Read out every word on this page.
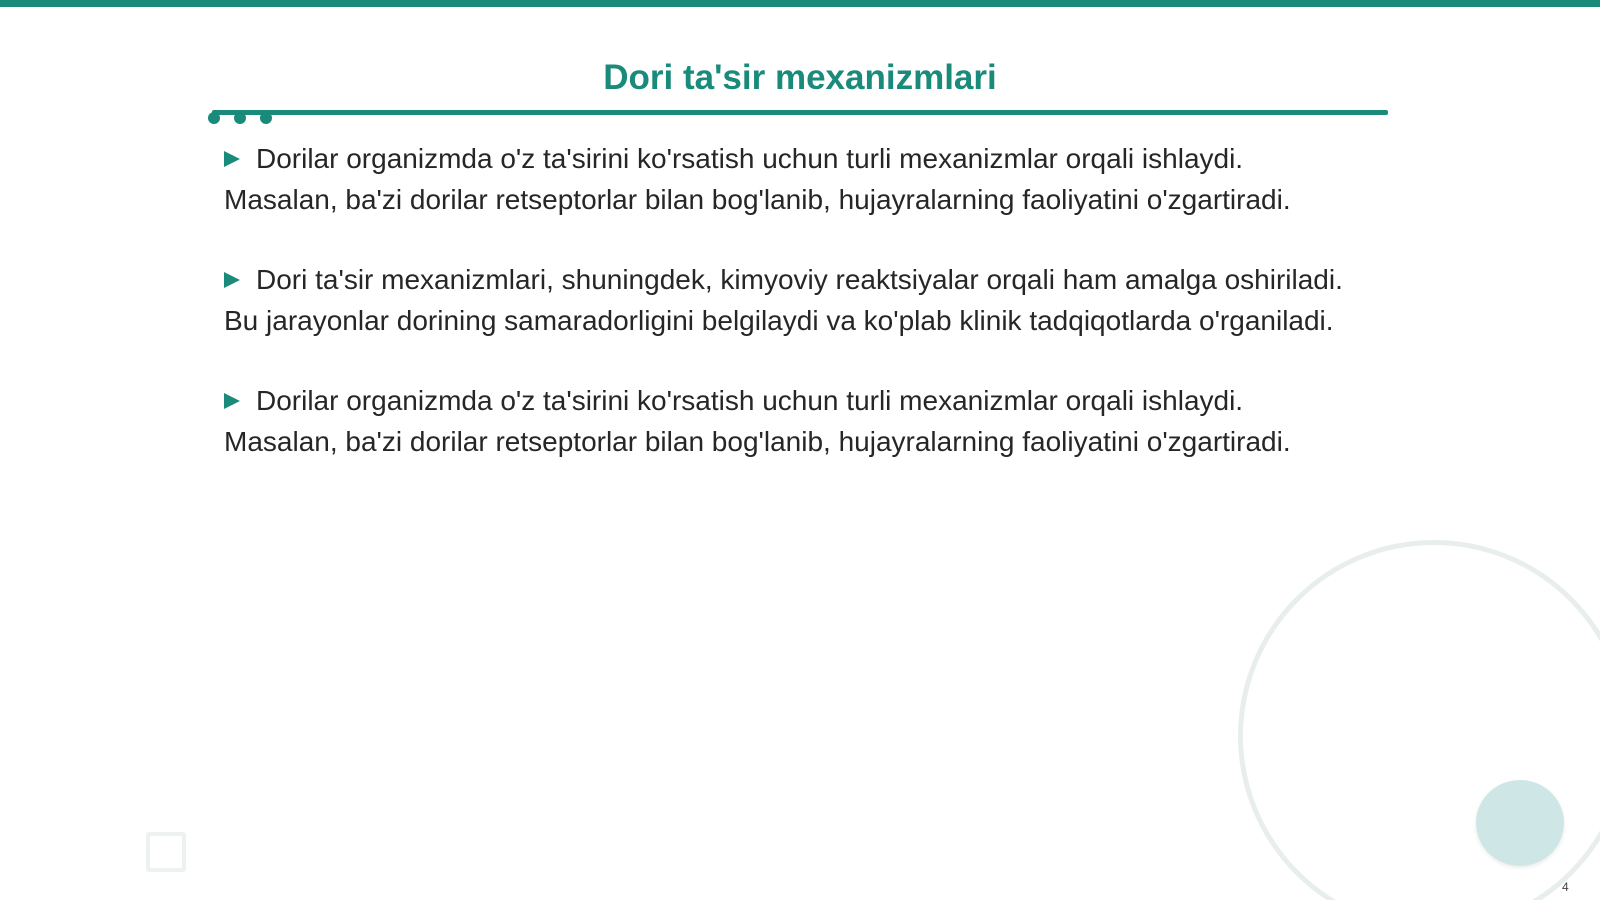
Dori ta'sir mexanizmlari

Dorilar organizmda o'z ta'sirini ko'rsatish uchun turli mexanizmlar orqali ishlaydi. Masalan, ba'zi dorilar retseptorlar bilan bog'lanib, hujayralarning faoliyatini o'zgartiradi.

Dori ta'sir mexanizmlari, shuningdek, kimyoviy reaktsiyalar orqali ham amalga oshiriladi. Bu jarayonlar dorining samaradorligini belgilaydi va ko'plab klinik tadqiqotlarda o'rganiladi.

Dorilar organizmda o'z ta'sirini ko'rsatish uchun turli mexanizmlar orqali ishlaydi. Masalan, ba'zi dorilar retseptorlar bilan bog'lanib, hujayralarning faoliyatini o'zgartiradi.

4
